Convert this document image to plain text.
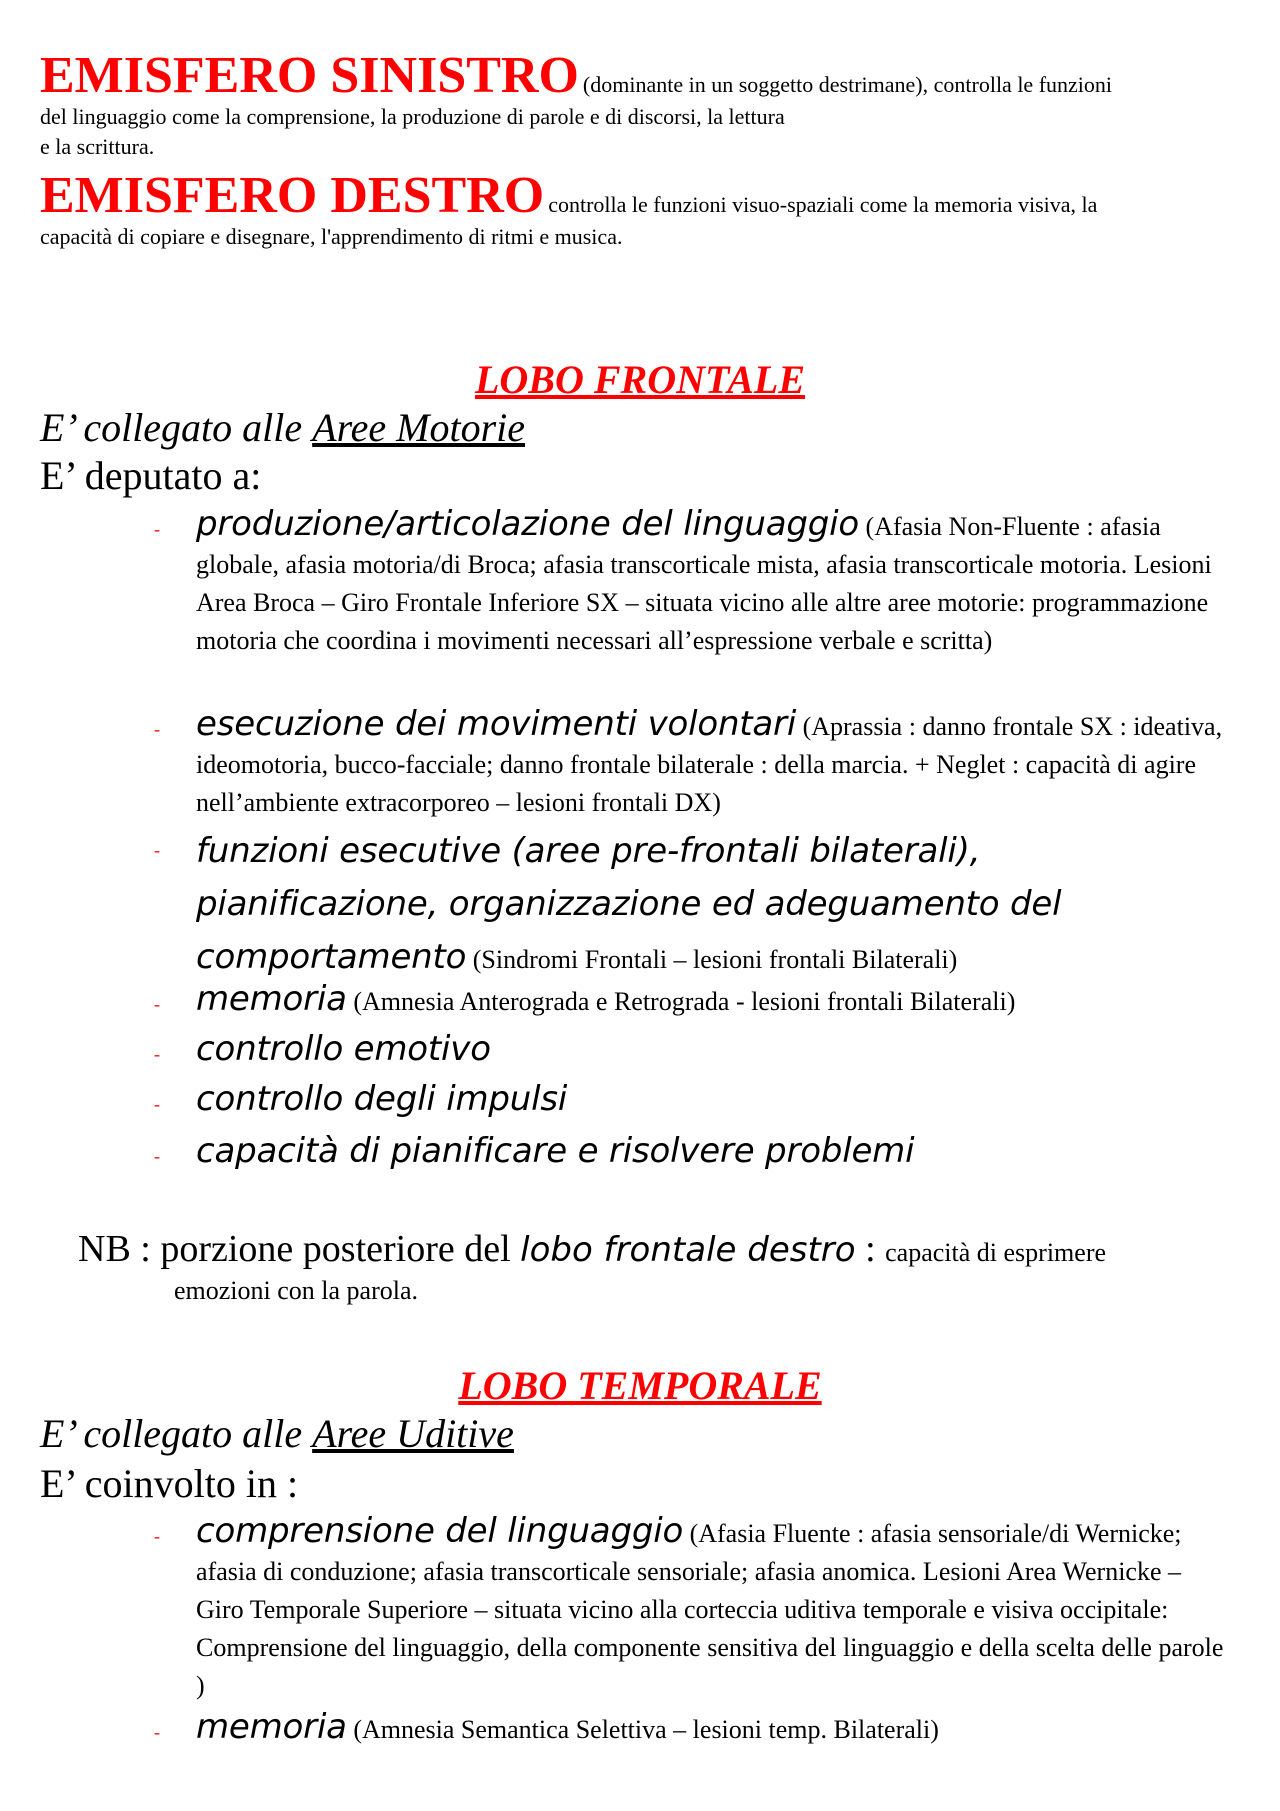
EMISFERO SINISTRO (dominante in un soggetto destrimane), controlla le funzioni
del linguaggio come la comprensione, la produzione di parole e di discorsi, la lettura
e la scrittura.
EMISFERO DESTRO controlla le funzioni visuo-spaziali come la memoria visiva, la
capacità di copiare e disegnare, l'apprendimento di ritmi e musica.
LOBO FRONTALE
E’ collegato alle Aree Motorie
E’ deputato a:
- produzione/articolazione del linguaggio (Afasia Non-Fluente : afasia globale, afasia motoria/di Broca; afasia transcorticale mista, afasia transcorticale motoria. Lesioni Area Broca – Giro Frontale Inferiore SX – situata vicino alle altre aree motorie: programmazione motoria che coordina i movimenti necessari all’espressione verbale e scritta)
- esecuzione dei movimenti volontari (Aprassia : danno frontale SX : ideativa, ideomotoria, bucco-facciale; danno frontale bilaterale : della marcia. + Neglet : capacità di agire nell’ambiente extracorporeo – lesioni frontali DX)
- funzioni esecutive (aree pre-frontali bilaterali), pianificazione, organizzazione ed adeguamento del comportamento (Sindromi Frontali – lesioni frontali Bilaterali)
- memoria (Amnesia Anterograda e Retrograda - lesioni frontali Bilaterali)
- controllo emotivo
- controllo degli impulsi
- capacità di pianificare e risolvere problemi
NB : porzione posteriore del lobo frontale destro : capacità di esprimere
emozioni con la parola.
LOBO TEMPORALE
E’ collegato alle Aree Uditive
E’ coinvolto in :
- comprensione del linguaggio (Afasia Fluente : afasia sensoriale/di Wernicke; afasia di conduzione; afasia transcorticale sensoriale; afasia anomica. Lesioni Area Wernicke – Giro Temporale Superiore – situata vicino alla corteccia uditiva temporale e visiva occipitale: Comprensione del linguaggio, della componente sensitiva del linguaggio e della scelta delle parole )
- memoria (Amnesia Semantica Selettiva – lesioni temp. Bilaterali)
